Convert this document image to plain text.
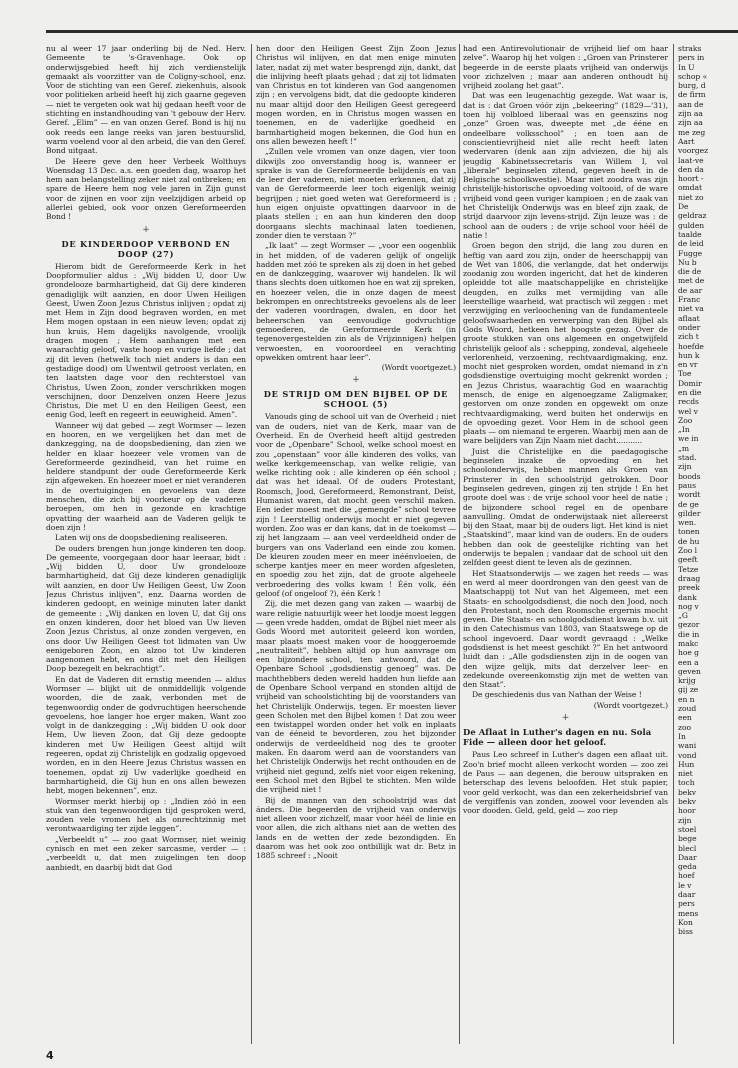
nu al weer 17 jaar onderling bij de Ned. Herv. Gemeente te 's-Gravenhage. Ook op onderwijsgebied heeft hij zich verdienstelijk gemaakt als voorzitter van de Coligny-school, enz. Voor de stichting van een Geref. ziekenhuis, alsook voor politieken arbeid heeft hij zich gaarne gegeven — niet te vergeten ook wat hij gedaan heeft voor de stichting en instandhouding van 't gebouw der Herv. Geref. „Elim” — en van onzen Geref. Bond is hij nu ook reeds een lange reeks van jaren bestuurslid, warm voelend voor al den arbeid, die van den Geref. Bond uitgaat.

De Heere geve den heer Verbeek Wolthuys Woensdag 13 Dec. a.s. een goeden dag, waarop het hem aan belangstelling zeker niet zal ontbreken; en spare de Heere hem nog vele jaren in Zijn gunst voor de zijnen en voor zijn veelzijdigen arbeid op allerlei gebied, ook voor onzen Gereformeerden Bond !

+
DE KINDERDOOP VERBOND EN DOOP (27)

Hierom bidt de Gereformeerde Kerk in het Doopformulier aldus : „Wij bidden U, door Uw grondelooze barmhartigheid, dat Gij dere kinderen genadiglijk wilt aanzien, en door Uwen Heiligen Geest, Uwen Zoon Jezus Christus inlijven ; opdat zij met Hem in Zijn dood begraven worden, en met Hem mogen opstaan in een nieuw leven; opdat zij hun kruis, Hem dagelijks navolgende, vroolijk dragen mogen ; Hem aanhangen met een waarachtig geloof, vaste hoop en vurige liefde ; dat zij dit leven (hetwelk toch niet anders is dan een gestadige dood) om Uwentwil getroost verlaten, en ten laatsten dage voor den rechterstoel van Christus, Uwen Zoon, zonder verschrikken mogen verschijnen, door Denzelven onzen Heere Jezus Christus, Die met U en den Heiligen Geest, een eenig God, leeft en regeert in eeuwigheid. Amen”.

Wanneer wij dat gebed — zegt Wormser — lezen en hooren, en we vergelijken het dan met de dankzegging, na de doopsbediening, dan zien we helder en klaar hoezeer vele vromen van de Gereformeerde gezindheid, van het ruime en heldere standpunt der oude Gereformeerde Kerk zijn afgeweken. En hoezeer moet er niet veranderen in de overtuigingen en gevoelens van deze menschen, die zich bij voorkeur op de vaderen beroepen, om hen in gezonde en krachtige opvatting der waarheid aan de Vaderen gelijk te doen zijn !

Laten wij ons de doopsbediening realiseeren.

De ouders brengen hun jonge kinderen ten doop. De gemeente, voorgegaan door haar leeraar, bidt : „Wij bidden U, door Uw grondelooze barmhartigheid, dat Gij deze kinderen genadiglijk wilt aanzien, en door Uw Heiligen Geest, Uw Zoon Jezus Christus inlijven”, enz. Daarna worden de kinderen gedoopt, en weinige minuten later dankt de gemeente : „Wij danken en loven U, dat Gij ons en onzen kinderen, door het bloed van Uw lieven Zoon Jezus Christus, al onze zonden vergeven, en ons door Uw Heiligen Geest tot lidmaten van Uw eenigeboren Zoon, en alzoo tot Uw kinderen aangenomen hebt, en ons dit met den Heiligen Doop bezegelt en bekrachtigt”.

En dat de Vaderen dit ernstig meenden — aldus Wormser — blijkt uit de onmiddellijk volgende woorden, die de zaak, verbonden met de tegenwoordig onder de godvruchtigen heerschende gevoelens, hoe langer hoe erger maken. Want zoo volgt in de dankzegging : „Wij bidden U ook door Hem, Uw lieven Zoon, dat Gij deze gedoopte kinderen met Uw Heiligen Geest altijd wilt regeeren, opdat zij Christelijk en godzalig opgevoed worden, en in den Heere Jezus Christus wassen en toenemen, opdat zij Uw vaderlijke goedheid en barmhartigheid, die Gij hun en ons allen bewezen hebt, mogen bekennen”, enz.

Wormser merkt hierbij op : „Indien zóó in een stuk van den tegenwoordigen tijd gesproken werd, zouden vele vromen het als onrechtzinnig met verontwaardiging ter zijde leggen”.

„Verbeeldt u” — zoo gaat Wormser, niet weinig cynisch en met een zeker sarcasme, verder — : „verbeeldt u, dat men zuigelingen ten doop aanbiedt, en daarbij bidt dat God

hen door den Heiligen Geest Zijn Zoon Jezus Christus wil inlijven, en dat men enige minuten later, nadat zij met water besprengd zijn, dankt, dat die inlijving heeft plaats gehad ; dat zij tot lidmaten van Christus en tot kinderen van God aangenomen zijn ; en vervolgens bidt, dat die gedoopte kinderen nu maar altijd door den Heiligen Geest geregeerd mogen worden, en in Christus mogen wassen en toenemen, en de vaderlijke goedheid en barmhartigheid mogen bekennen, die God hun en ons allen bewezen heeft !”

„Zullen vele vromen van onze dagen, vier toon dikwijls zoo onverstandig hoog is, wanneer er sprake is van de Gereformeerde belijdenis en van de leer der vaderen, niet moeten erkennen, dat zij van de Gereformeerde leer toch eigenlijk weinig begrijpen ; niet goed weten wat Gereformeerd is ; hun eigen onjuiste opvattingen daarvoor in de plaats stellen ; en aan hun kinderen den doop doorgaans slechts machinaal laten toedienen, zonder dien te verstaan ?”

„Ik laat” — zegt Wormser — „voor een oogenblik in het midden, of de vaderen gelijk of ongelijk hadden met zóó te spreken als zij doen in het gebed en de dankzegging, waarover wij handelen. Ik wil thans slechts doen uitkomen hoe en wat zij spreken, en hoezeer velen, die in onze dagen de meest bekrompen en onrechtstreeks gevoelens als de leer der vaderen voordragen, dwalen, en door het beheerschen van eenvoudige godvruchtige gemoederen, de Gereformeerde Kerk (in tegenovergestelden zin als de Vrijzinnigen) helpen verwoesten, en vooroordeel en verachting opwekken omtrent haar leer”.

(Wordt voortgezet.)

+
DE STRIJD OM DEN BIJBEL OP DE SCHOOL (5)

Vanouds ging de school uit van de Overheid ; niet van de ouders, niet van de Kerk, maar van de Overheid. En de Overheid heeft altijd gestreden voor de „Openbare” School, welke school moest en zou „openstaan” voor álle kinderen des volks, van welke kerkgemeenschap, van welke religie, van welke richting ook : alle kinderen op één school ; dat was het ideaal. Of de ouders Protestant, Roomsch, Jood, Gereformeerd, Remonstrant, Deïst, Humanist waren, dat mocht geen verschil maken. Een ieder moest met die „gemengde” school tevree zijn ! Leerstellig onderwijs mocht er niet gegeven worden. Zoo was er dan kans, dat in de toekomst — zij het langzaam — aan veel verdeeldheid onder de burgers van ons Vaderland een einde zou komen. De kleuren zouden meer en meer inéénvloeien, de scherpe kantjes meer en meer worden afgesleten, en spoedig zou het zijn, dat de groote algeheele verbroedering des volks kwam ! Één volk, één geloof (of ongeloof ?), één Kerk !

Zij, die met dezen gang van zaken — waarbij de ware religie natuurlijk weer het loodje moest leggen — geen vrede hadden, omdat de Bijbel niet meer als Gods Woord met autoriteit geleerd kon worden, maar plaats moest maken voor de hooggeroemde „neutraliteit”, hebben altijd op hun aanvrage om een bijzondere school, ten antwoord, dat de Openbare School „godsdienstig genoeg” was. De machthebbers deden wereld hadden hun liefde aan de Openbare School verpand en stonden altijd de vrijheid van schoolstichting bij de voorstanders van het Christelijk Onderwijs, tegen. Er moesten liever geen Scholen met den Bijbel komen ! Dat zou weer een twistappel worden onder het volk en inplaats van de ééneid te bevorderen, zou het bijzonder onderwijs de verdeeldheid nog des te grooter maken. En daarom werd aan de voorstanders van het Christelijk Onderwijs het recht onthouden en de vrijheid niet gegund, zelfs niet voor eigen rekening, een School met den Bijbel te stichten. Men wilde die vrijheid niet !

Bij de mannen van den schoolstrijd was dat ánders. Die begeerden de vrijheid van onderwijs niet alleen voor zichzelf, maar voor héél de linie en voor allen, die zich althans niet aan de wetten des lands en de wetten der zede bezondigden. En daarom was het ook zoo ontbillijk wat dr. Betz in 1885 schreef : „Nooit

had een Antirevolutionair de vrijheid lief om haar zelve”. Waarop hij het volgen : „Groen van Prinsterer begeerde in de eerste plaats vrijheid van onderwijs voor zichzelven ; maar aan anderen onthoudt hij vrijheid zoolang het gaat”.

Dat was een leugenachtig gezegde. Wat waar is, dat is : dat Groen vóór zijn „bekeering” (1829—'31), toen hij volbloed liberaal was en geenszins nog „onze” Groen was, dweepte met „de ééne en ondeelbare volksschool” ; en toen aan de conscientievrijheid niet alle recht heeft laten wedervaren (denk aan zijn adviezen, die hij als jeugdig Kabinetssecretaris van Willem I, vol „liberale” beginselen zitend, gegeven heeft in de Belgische schoolkwestie). Maar niet zoodra was zijn christelijk-historische opvoeding voltooid, of de ware vrijheid vond geen vuriger kampioen ; en de zaak van het Christelijk Onderwijs was en bleef zijn zaak, de strijd daarvoor zijn levens-strijd. Zijn leuze was : de school aan de ouders ; de vrije school voor héél de natie !

Groen begon den strijd, die lang zou duren en heftig van aard zou zijn, onder de heerschappij van de Wet van 1806, die verlangde, dat het onderwijs zoodanig zou worden ingericht, dat het de kinderen opleidde tot alle maatschappelijke en christelijke deugden, en zulks met vermijding van alle leerstellige waarheid, wat practisch wil zeggen : met verzwijging en verloochening van de fundamenteele geloofswaarheden en verwerping van den Bijbel als Gods Woord, hetkeen het hoogste gezag. Over de groote stukken van ons algemeen en ongetwijfeld christelijk geloof als : schepping, zondeval, algeheele verlorenheid, verzoening, rechtvaardigmaking, enz. mocht niet gesproken worden, omdat niemand in z'n godsdienstige overtuiging mocht gekrenkt worden ; en Jezus Christus, waarachtig God en waarachtig mensch, de enige en algenoegzame Zaligmaker, gestorven om onze zonden en opgewekt om onze rechtvaardigmaking, werd buiten het onderwijs en de opvoeding gezet. Voor Hem in de school geen plaats — om niemand te ergeren. Waarbij men aan de ware belijders van Zijn Naam niet dacht...........

Juist die Christelijke en die paedagogische beginselen inzake de opvoeding en het schoolonderwijs, hebben mannen als Groen van Prinsterer in den schoolstrijd getrokken. Door beginselen gedreven, gingen zij ten strijde ! En het groote doel was : de vrije school voor heel de natie ; de bijzondere school regel en de openbare aanvulling. Omdat de onderwijstaak niet allereerst bij den Staat, maar bij de ouders ligt. Het kind is niet „Staatskind”, maar kind van de ouders. En de ouders hebben dan ook de geestelijke richting van het onderwijs te bepalen ; vandaar dat de school uit den zelfden geest dient te leven als de gezinnen.

Het Staatsonderwijs — we zagen het reeds — was en werd al meer doordrongen van den geest van de Maatschappij tot Nut van het Algemeen, met een Staats- en schoolgodsdienst, die noch den Jood, noch den Protestant, noch den Roomsche ergernis mocht geven. Die Staats- en schoolgodsdienst kwam b.v. uit in den Catechismus van 1803, van Staatswege op de school ingevoerd. Daar wordt gevraagd : „Welke godsdienst is het meest geschikt ?” En het antwoord luidt dan : „Alle godsdiensten zijn in de oogen van den wijze gelijk, mits dat derzelver leer- en zedekunde overeenkomstig zijn met de wetten van den Staat”.

De geschiedenis dus van Nathan der Weise !

(Wordt voortgezet.)

+
De Aflaat in Luther's dagen en nu. Sola Fide — alleen door het geloof.

Paus Leo schreef in Luther's dagen een aflaat uit. Zoo'n brief mocht alleen verkocht worden — zoo zei de Paus — aan degenen, die berouw uitspraken en beterschap des levens beloofden. Het stuk papier, voor geld verkocht, was dan een zekerheidsbrief van de vergiffenis van zonden, zoowel voor levenden als voor dooden. Geld, geld, geld — zoo riep

straks
pers in
In U
schop «
burg, d
de firm
aan de
zijn aa
zijn aa
me zeg
Aart
voorgez
laat-ve
den da
hoort -
omdat
niet zo
De
geldraz
gulden
taalde
de leid
Fugge
Nu b
die de
met de
de aar
Franc
niet va
aflaat
onder
zich t
hoefde
hun k
en vr
Toe
Domir
en die
recds
wel v
Zoo
„In
we in
„m
stad.
zijn
boods
paus
wordt
de ge
gilder
wen.
tonen
de hu
Zoo l
geeft
Tetze
draag
preek
dank
nog v
„G
gezor
die in
makc
hoe g
een a
geven
krijg
gij ze
en n
zoud
een
zoo
In
wani
vond
Hun
niet
toch
bekv
bekv
hoor
zijn
stoel
bege
blecl
Daar
geda
hoef
le v
daar
pers
mens
Kon
biss
4
